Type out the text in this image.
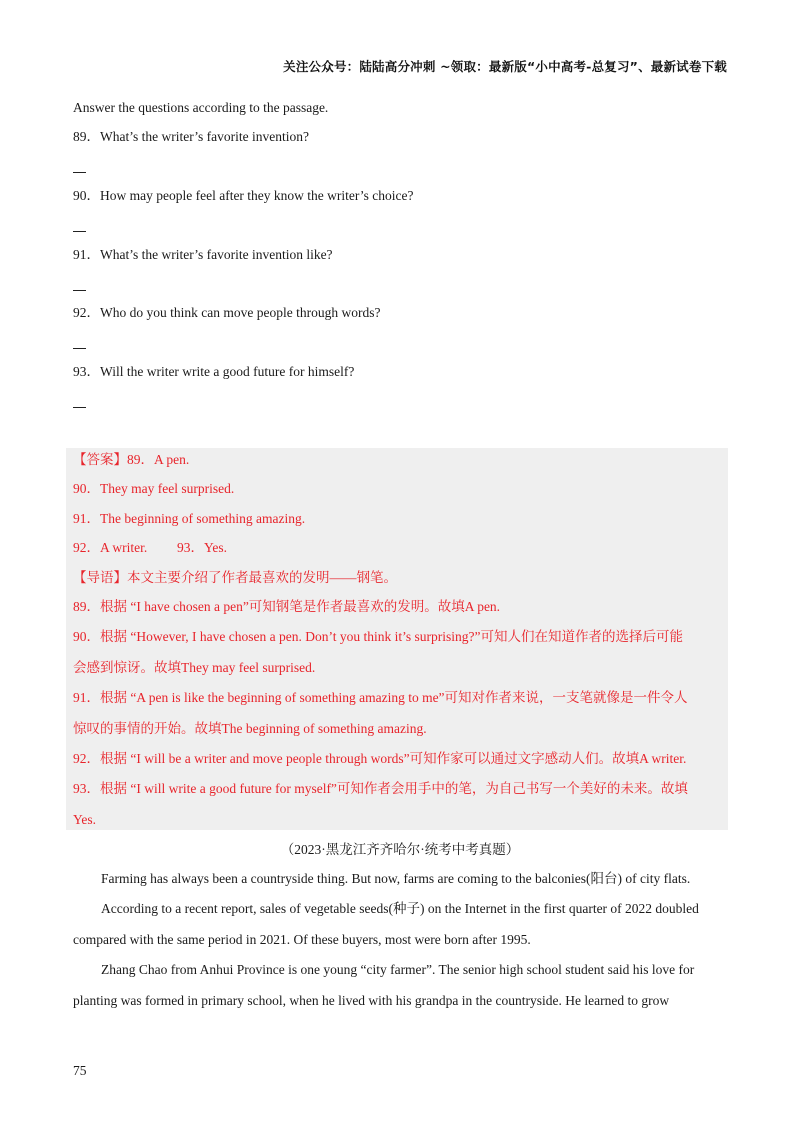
关注公众号：陆陆高分冲刺 ~领取：最新版“小中高考-总复习”、最新试卷下载
Answer the questions according to the passage.
89．What’s the writer’s favorite invention?
90．How may people feel after they know the writer’s choice?
91．What’s the writer’s favorite invention like?
92．Who do you think can move people through words?
93．Will the writer write a good future for himself?
【答案】89．A pen.
90．They may feel surprised.
91．The beginning of something amazing.
92．A writer. 93．Yes.
【导语】本文主要介绍了作者最喜欢的发明——钢笔。
89．根据 “I have chosen a pen”可知钢笔是作者最喜欢的发明。故填A pen.
90．根据 “However, I have chosen a pen. Don’t you think it’s surprising?”可知人们在知道作者的选择后可能
会感到惊讶。故填They may feel surprised.
91．根据 “A pen is like the beginning of something amazing to me”可知对作者来说，一支笔就像是一件令人
惊叹的事情的开始。故填The beginning of something amazing.
92．根据 “I will be a writer and move people through words”可知作家可以通过文字感动人们。故填A writer.
93．根据 “I will write a good future for myself”可知作者会用手中的笔，为自己书写一个美好的未来。故填
Yes.
（2023·黑龙江齐齐哈尔·统考中考真题）
Farming has always been a countryside thing. But now, farms are coming to the balconies(阳台) of city flats.
According to a recent report, sales of vegetable seeds(种子) on the Internet in the first quarter of 2022 doubled
compared with the same period in 2021. Of these buyers, most were born after 1995.
Zhang Chao from Anhui Province is one young “city farmer”. The senior high school student said his love for
planting was formed in primary school, when he lived with his grandpa in the countryside. He learned to grow
75
